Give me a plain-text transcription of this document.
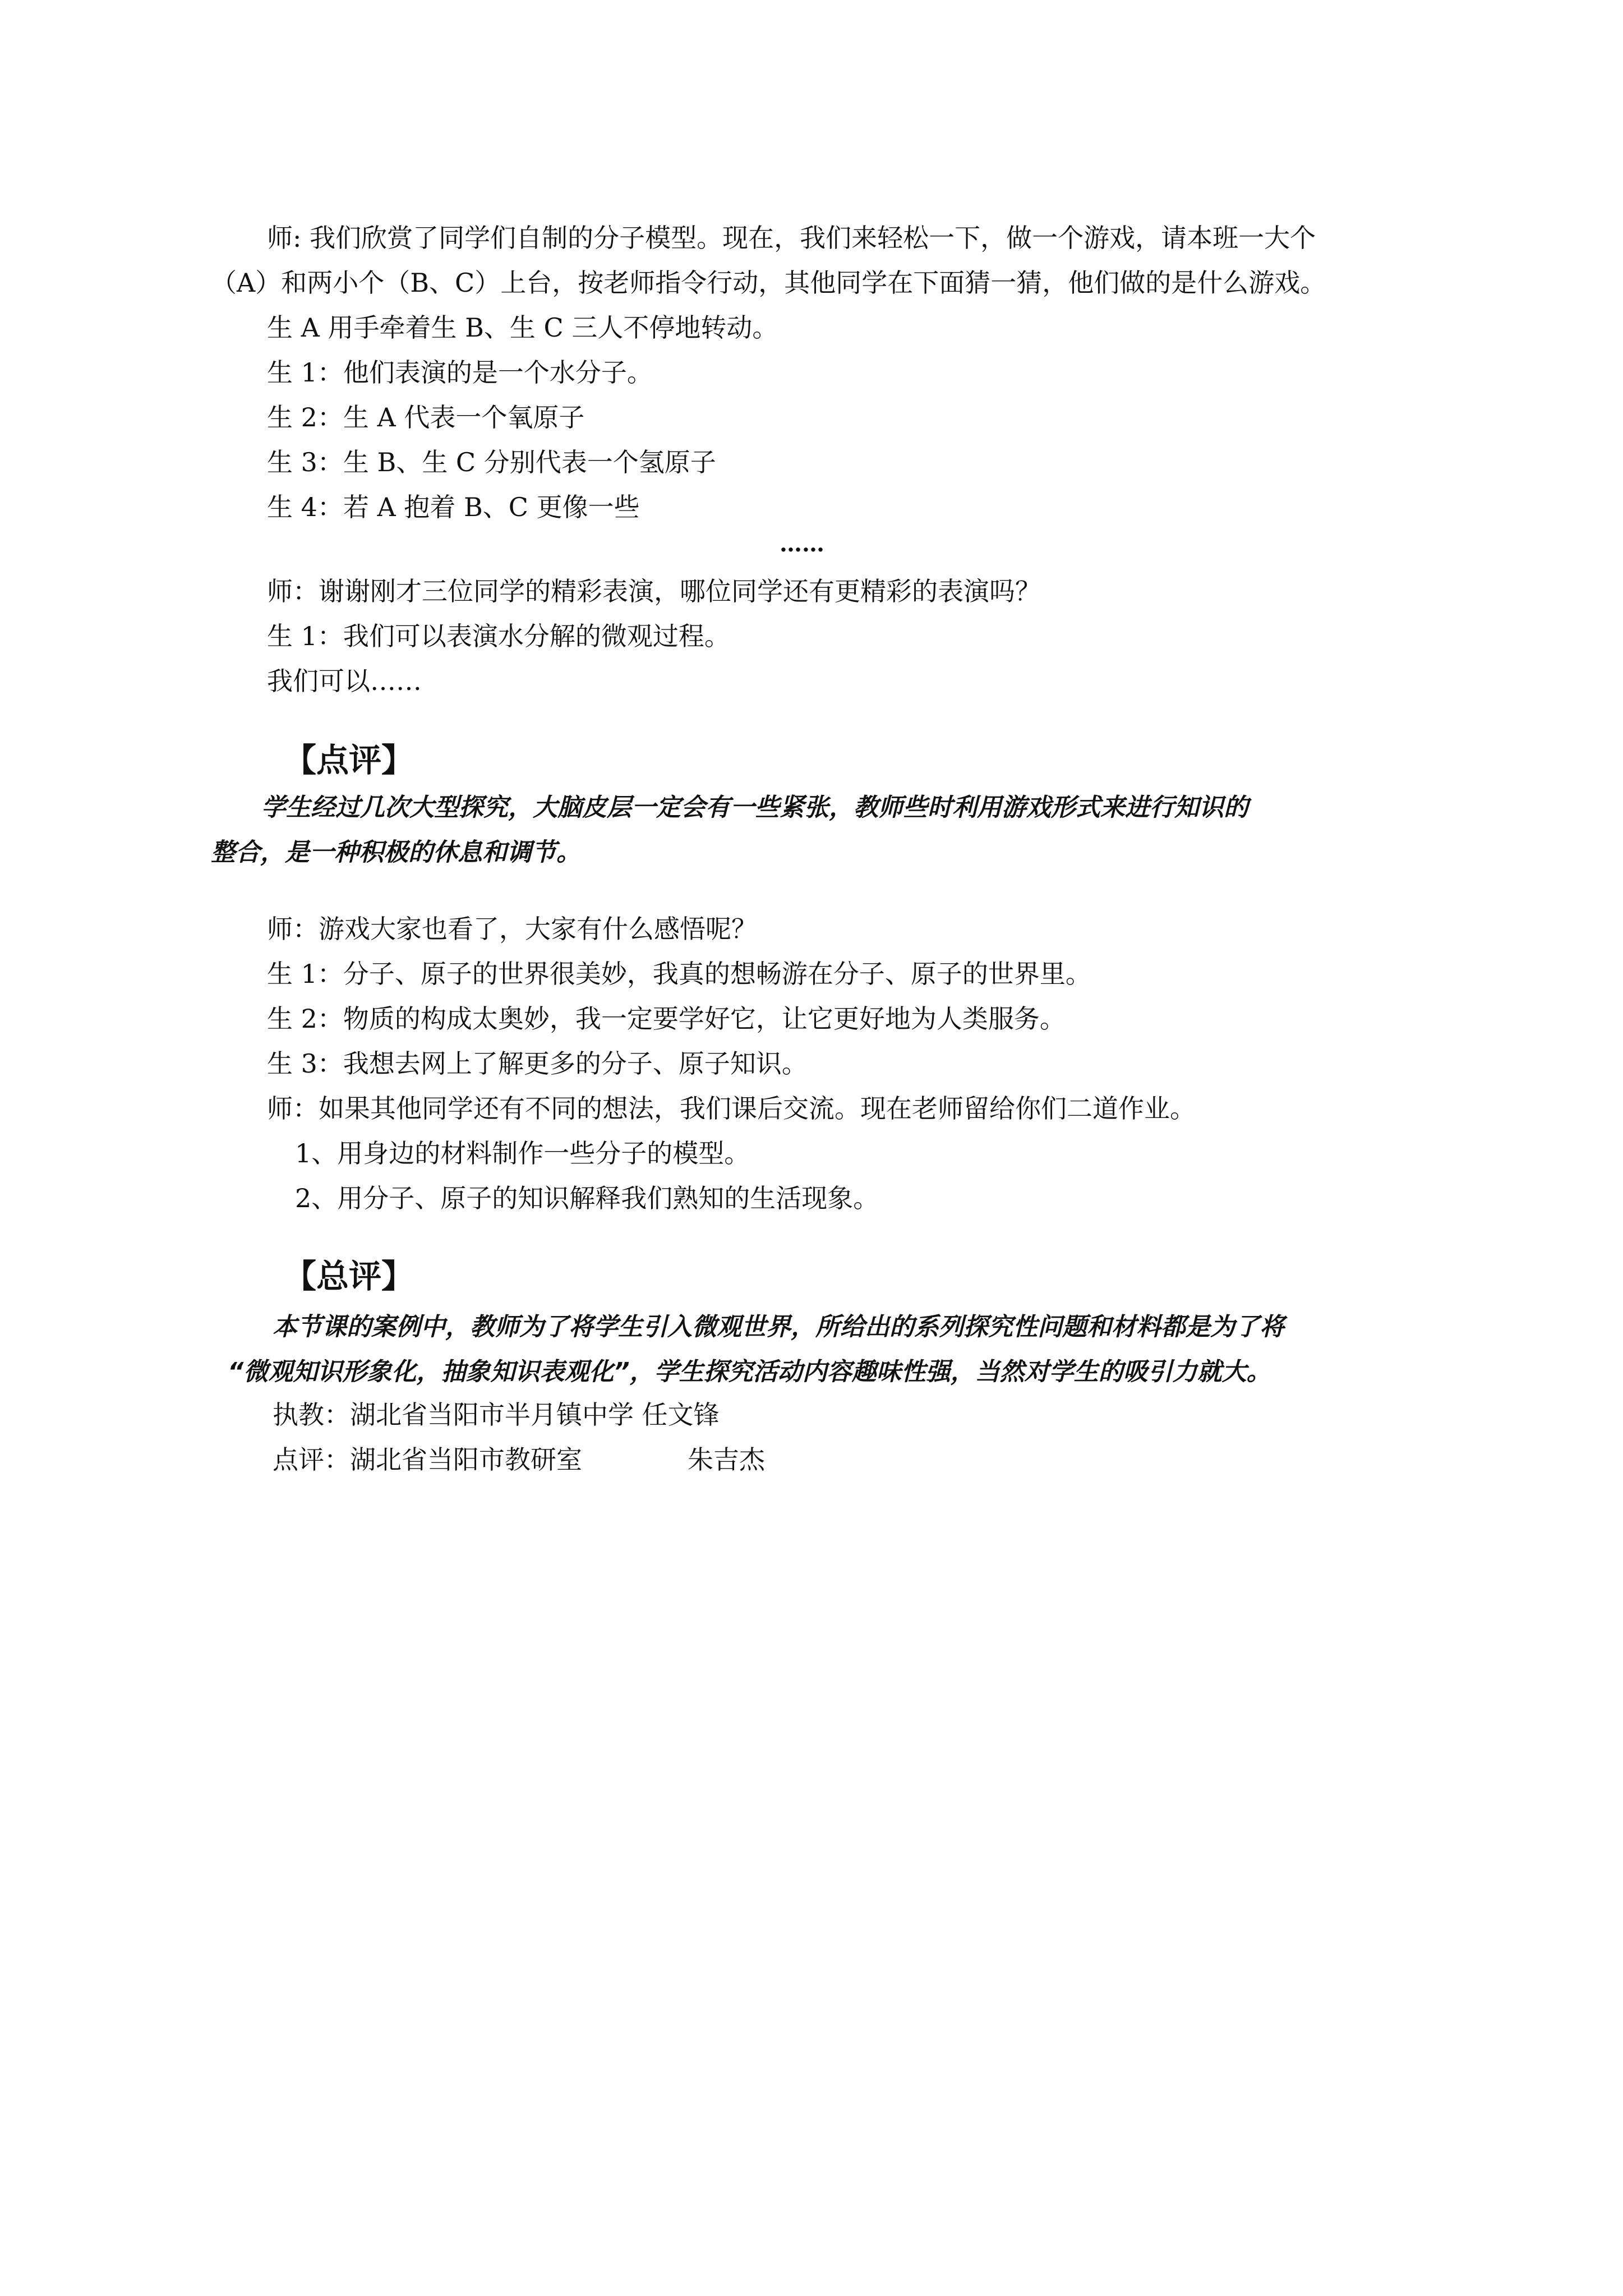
师: 我们欣赏了同学们自制的分子模型。现在，我们来轻松一下，做一个游戏，请本班一大个
（A）和两小个（B、C）上台，按老师指令行动，其他同学在下面猜一猜，他们做的是什么游戏。
生 A 用手牵着生 B、生 C 三人不停地转动。
生 1：他们表演的是一个水分子。
生 2：生 A 代表一个氧原子
生 3：生 B、生 C 分别代表一个氢原子
生 4：若 A 抱着 B、C 更像一些
……
师：谢谢刚才三位同学的精彩表演，哪位同学还有更精彩的表演吗？
生 1：我们可以表演水分解的微观过程。
我们可以……
【点评】
学生经过几次大型探究，大脑皮层一定会有一些紧张，教师些时利用游戏形式来进行知识的
整合，是一种积极的休息和调节。
师：游戏大家也看了，大家有什么感悟呢？
生 1：分子、原子的世界很美妙，我真的想畅游在分子、原子的世界里。
生 2：物质的构成太奥妙，我一定要学好它，让它更好地为人类服务。
生 3：我想去网上了解更多的分子、原子知识。
师：如果其他同学还有不同的想法，我们课后交流。现在老师留给你们二道作业。
1、用身边的材料制作一些分子的模型。
2、用分子、原子的知识解释我们熟知的生活现象。
【总评】
本节课的案例中，教师为了将学生引入微观世界，所给出的系列探究性问题和材料都是为了将
“微观知识形象化，抽象知识表观化”，学生探究活动内容趣味性强，当然对学生的吸引力就大。
执教：湖北省当阳市半月镇中学 任文锋
点评：湖北省当阳市教研室	朱吉杰
